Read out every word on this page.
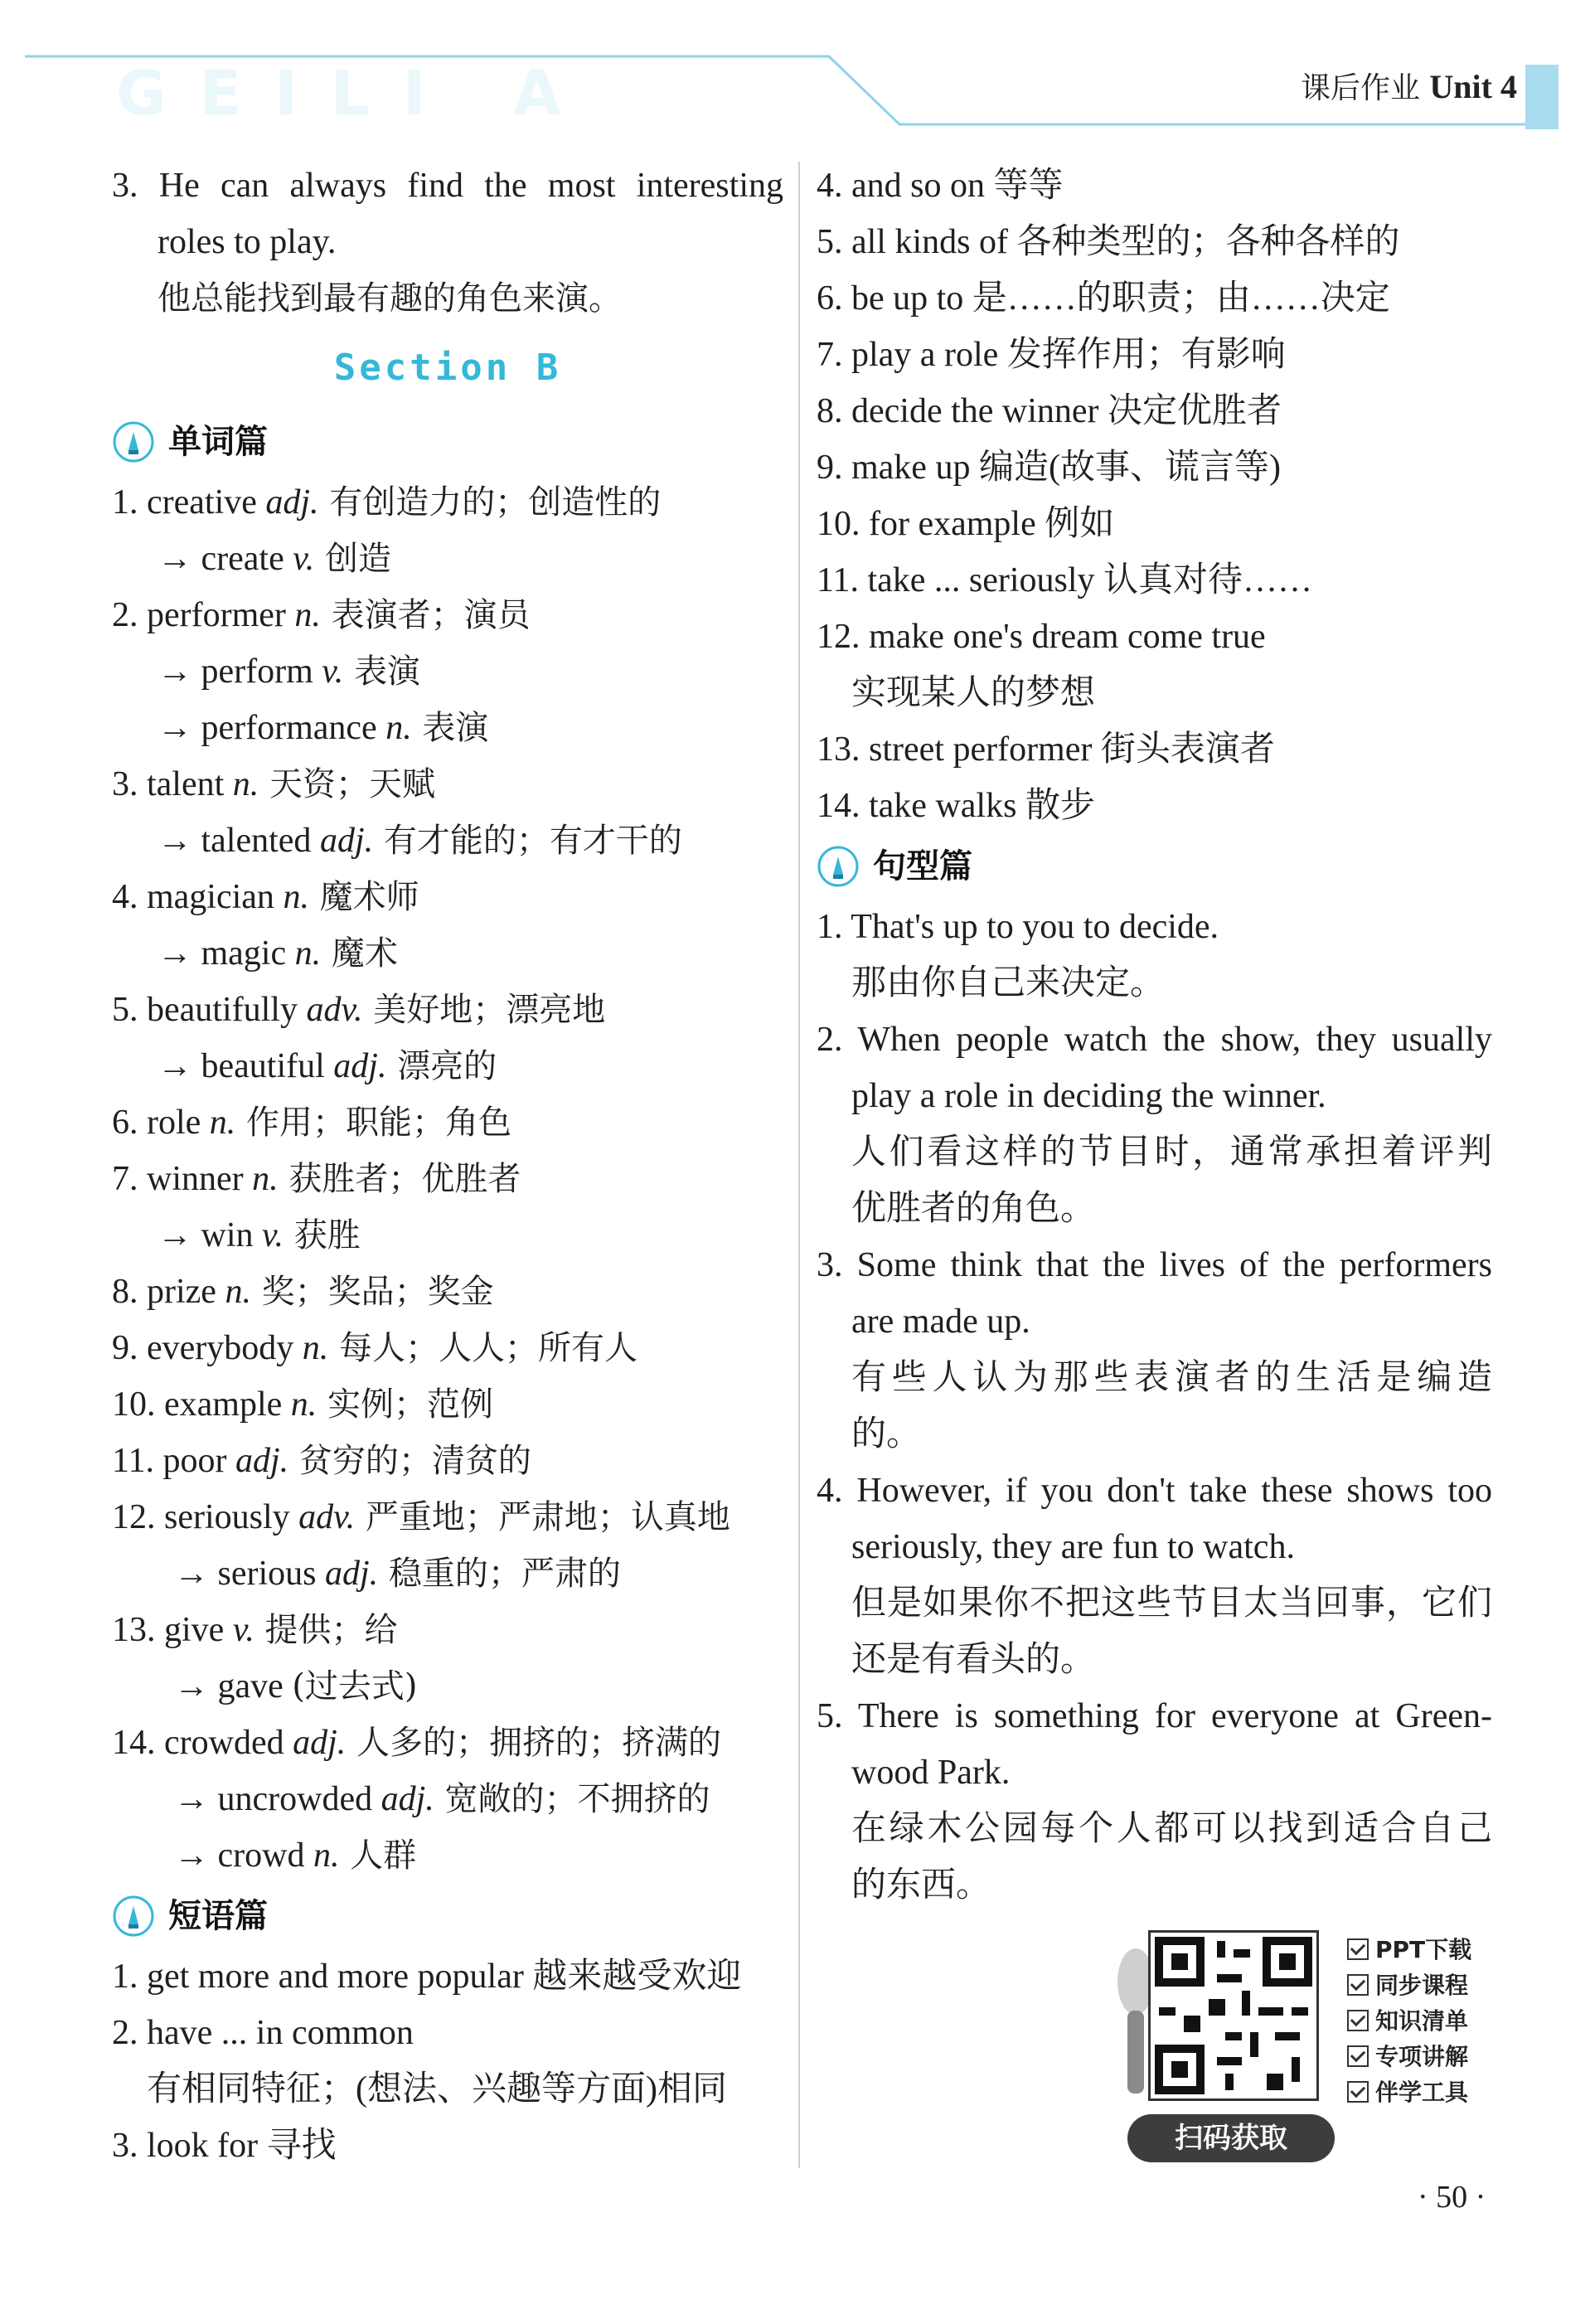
GEILI A	课后作业 Unit 4
3. He can always find the most interesting
roles to play.
他总能找到最有趣的角色来演。
Section B
单词篇
1. creative adj. 有创造力的；创造性的
→ create v. 创造
2. performer n. 表演者；演员
→ perform v. 表演
→ performance n. 表演
3. talent n. 天资；天赋
→ talented adj. 有才能的；有才干的
4. magician n. 魔术师
→ magic n. 魔术
5. beautifully adv. 美好地；漂亮地
→ beautiful adj. 漂亮的
6. role n. 作用；职能；角色
7. winner n. 获胜者；优胜者
→ win v. 获胜
8. prize n. 奖；奖品；奖金
9. everybody n. 每人；人人；所有人
10. example n. 实例；范例
11. poor adj. 贫穷的；清贫的
12. seriously adv. 严重地；严肃地；认真地
→ serious adj. 稳重的；严肃的
13. give v. 提供；给
→ gave (过去式)
14. crowded adj. 人多的；拥挤的；挤满的
→ uncrowded adj. 宽敞的；不拥挤的
→ crowd n. 人群
短语篇
1. get more and more popular 越来越受欢迎
2. have ... in common
有相同特征；(想法、兴趣等方面)相同
3. look for 寻找
4. and so on 等等
5. all kinds of 各种类型的；各种各样的
6. be up to 是……的职责；由……决定
7. play a role 发挥作用；有影响
8. decide the winner 决定优胜者
9. make up 编造(故事、谎言等)
10. for example 例如
11. take ... seriously 认真对待……
12. make one's dream come true
实现某人的梦想
13. street performer 街头表演者
14. take walks 散步
句型篇
1. That's up to you to decide.
那由你自己来决定。
2. When people watch the show, they usually
play a role in deciding the winner.
人们看这样的节目时，通常承担着评判
优胜者的角色。
3. Some think that the lives of the performers
are made up.
有些人认为那些表演者的生活是编造
的。
4. However, if you don't take these shows too
seriously, they are fun to watch.
但是如果你不把这些节目太当回事，它们
还是有看头的。
5. There is something for everyone at Green-
wood Park.
在绿木公园每个人都可以找到适合自己
的东西。
扫码获取
PPT下载
同步课程
知识清单
专项讲解
伴学工具
· 50 ·
